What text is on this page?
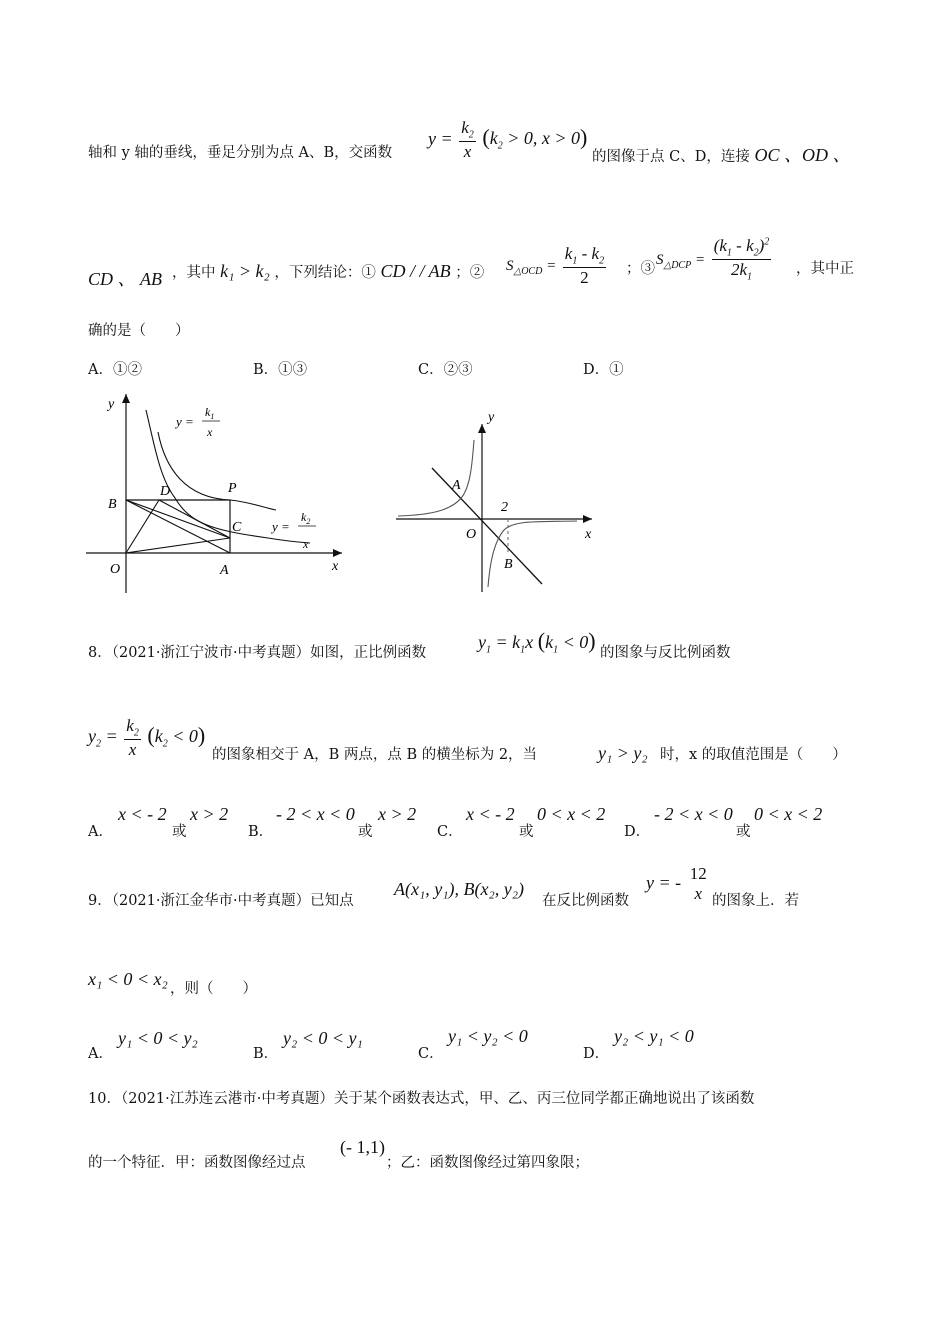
轴和 y 轴的垂线，垂足分别为点 A、B，交函数
$y = \frac{k_2}{x} (k_2 > 0$, x > 0)
的图像于点 C、D，连接 OC 、OD 、
CD 、 AB ，其中 k₁ > k₂ ，下列结论：① CD / / AB ；② $S_{\triangle OCD} = \frac{k_1 - k_2}{2}$ ；③
$S_{\triangle DCP} = \frac{(k_1 - k_2)^2}{2k_1}$ ，其中正
确的是（　　）
A．①②	B．①③	C．②③	D．①
y
x
O	A
B
C
D	P
y =
$k_1$
x
y =
$k_2$
x
y
x
O
A
B
2
8．（2021·浙江宁波市·中考真题）如图，正比例函数
$y_1 = k_1x$ $(k_1 < 0)$ 的图象与反比例函数
$y_2 = \frac{k_2}{x} (k_2 < 0)$
的图象相交于 A，B 两点，点 B 的横坐标为 2，当	y₁ > y₂ 时，x 的取值范围是（　　）
A．
x < - 2
或
x > 2
B．
- 2 < x < 0
或
x > 2
C．
x < - 2
或
0 < x < 2
D．
- 2 < x < 0
或
0 < x < 2
9．（2021·浙江金华市·中考真题）已知点
A(x₁, y₁), B(x₂, y₂)
在反比例函数
y = - 12
x 的图象上．若
x₁ < 0 < x₂ ，则（　　）
A．
y₁ < 0 < y₂
B．
y₂ < 0 < y₁
C．
y₁ < y₂ < 0
D．
y₂ < y₁ < 0
10．（2021·江苏连云港市·中考真题）关于某个函数表达式，甲、乙、丙三位同学都正确地说出了该函数
的一个特征．甲：函数图像经过点
(- 1,1)
；乙：函数图像经过第四象限；
